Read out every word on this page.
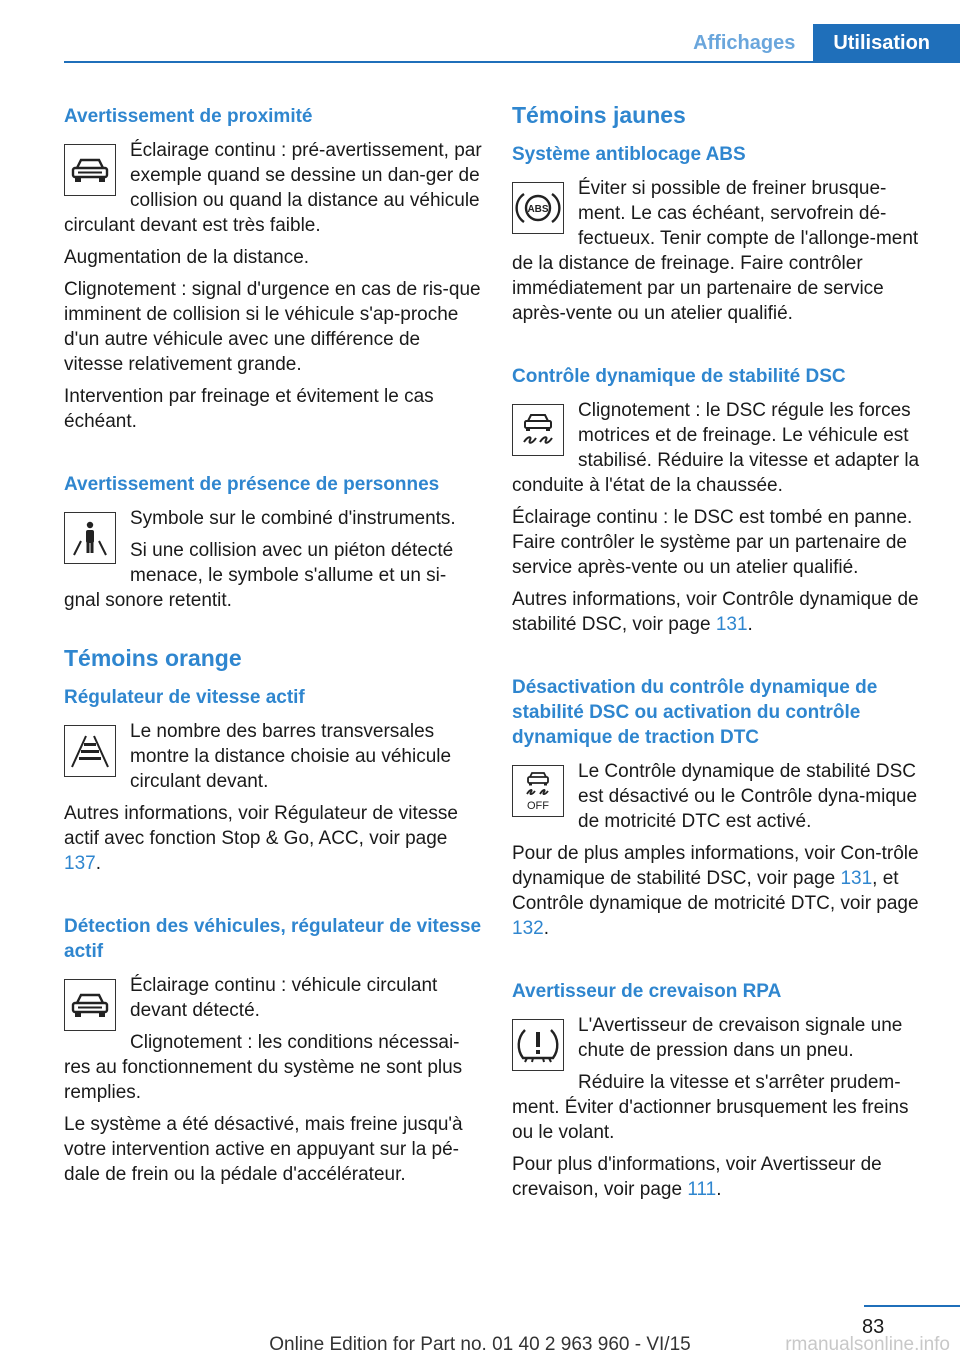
Affichages	Utilisation
Avertissement de proximité

Éclairage continu : pré-avertissement, par exemple quand se dessine un dan-ger de collision ou quand la distance au véhicule circulant devant est très faible.

Augmentation de la distance.

Clignotement : signal d'urgence en cas de ris-que imminent de collision si le véhicule s'ap-proche d'un autre véhicule avec une différence de vitesse relativement grande.

Intervention par freinage et évitement le cas échéant.

Avertissement de présence de personnes

Symbole sur le combiné d'instruments.

Si une collision avec un piéton détecté menace, le symbole s'allume et un si-gnal sonore retentit.

Témoins orange
Régulateur de vitesse actif

Le nombre des barres transversales montre la distance choisie au véhicule circulant devant.

Autres informations, voir Régulateur de vitesse actif avec fonction Stop & Go, ACC, voir page 137.

Détection des véhicules, régulateur de vitesse actif

Éclairage continu : véhicule circulant devant détecté.

Clignotement : les conditions nécessai-res au fonctionnement du système ne sont plus remplies.

Le système a été désactivé, mais freine jusqu'à votre intervention active en appuyant sur la pé-dale de frein ou la pédale d'accélérateur.

Témoins jaunes
Système antiblocage ABS
ABS

Éviter si possible de freiner brusque-ment. Le cas échéant, servofrein dé-fectueux. Tenir compte de l'allonge-ment de la distance de freinage. Faire contrôler immédiatement par un partenaire de service après-vente ou un atelier qualifié.

Contrôle dynamique de stabilité DSC

Clignotement : le DSC régule les forces motrices et de freinage. Le véhicule est stabilisé. Réduire la vitesse et adapter la conduite à l'état de la chaussée.

Éclairage continu : le DSC est tombé en panne. Faire contrôler le système par un partenaire de service après-vente ou un atelier qualifié.

Autres informations, voir Contrôle dynamique de stabilité DSC, voir page 131.

Désactivation du contrôle dynamique de stabilité DSC ou activation du contrôle dynamique de traction DTC
OFF

Le Contrôle dynamique de stabilité DSC est désactivé ou le Contrôle dyna-mique de motricité DTC est activé.

Pour de plus amples informations, voir Con-trôle dynamique de stabilité DSC, voir page 131, et Contrôle dynamique de motricité DTC, voir page 132.

Avertisseur de crevaison RPA

L'Avertisseur de crevaison signale une chute de pression dans un pneu.

Réduire la vitesse et s'arrêter prudem-ment. Éviter d'actionner brusquement les freins ou le volant.

Pour plus d'informations, voir Avertisseur de crevaison, voir page 111.

83
Online Edition for Part no. 01 40 2 963 960 - VI/15	rmanualsonline.info
